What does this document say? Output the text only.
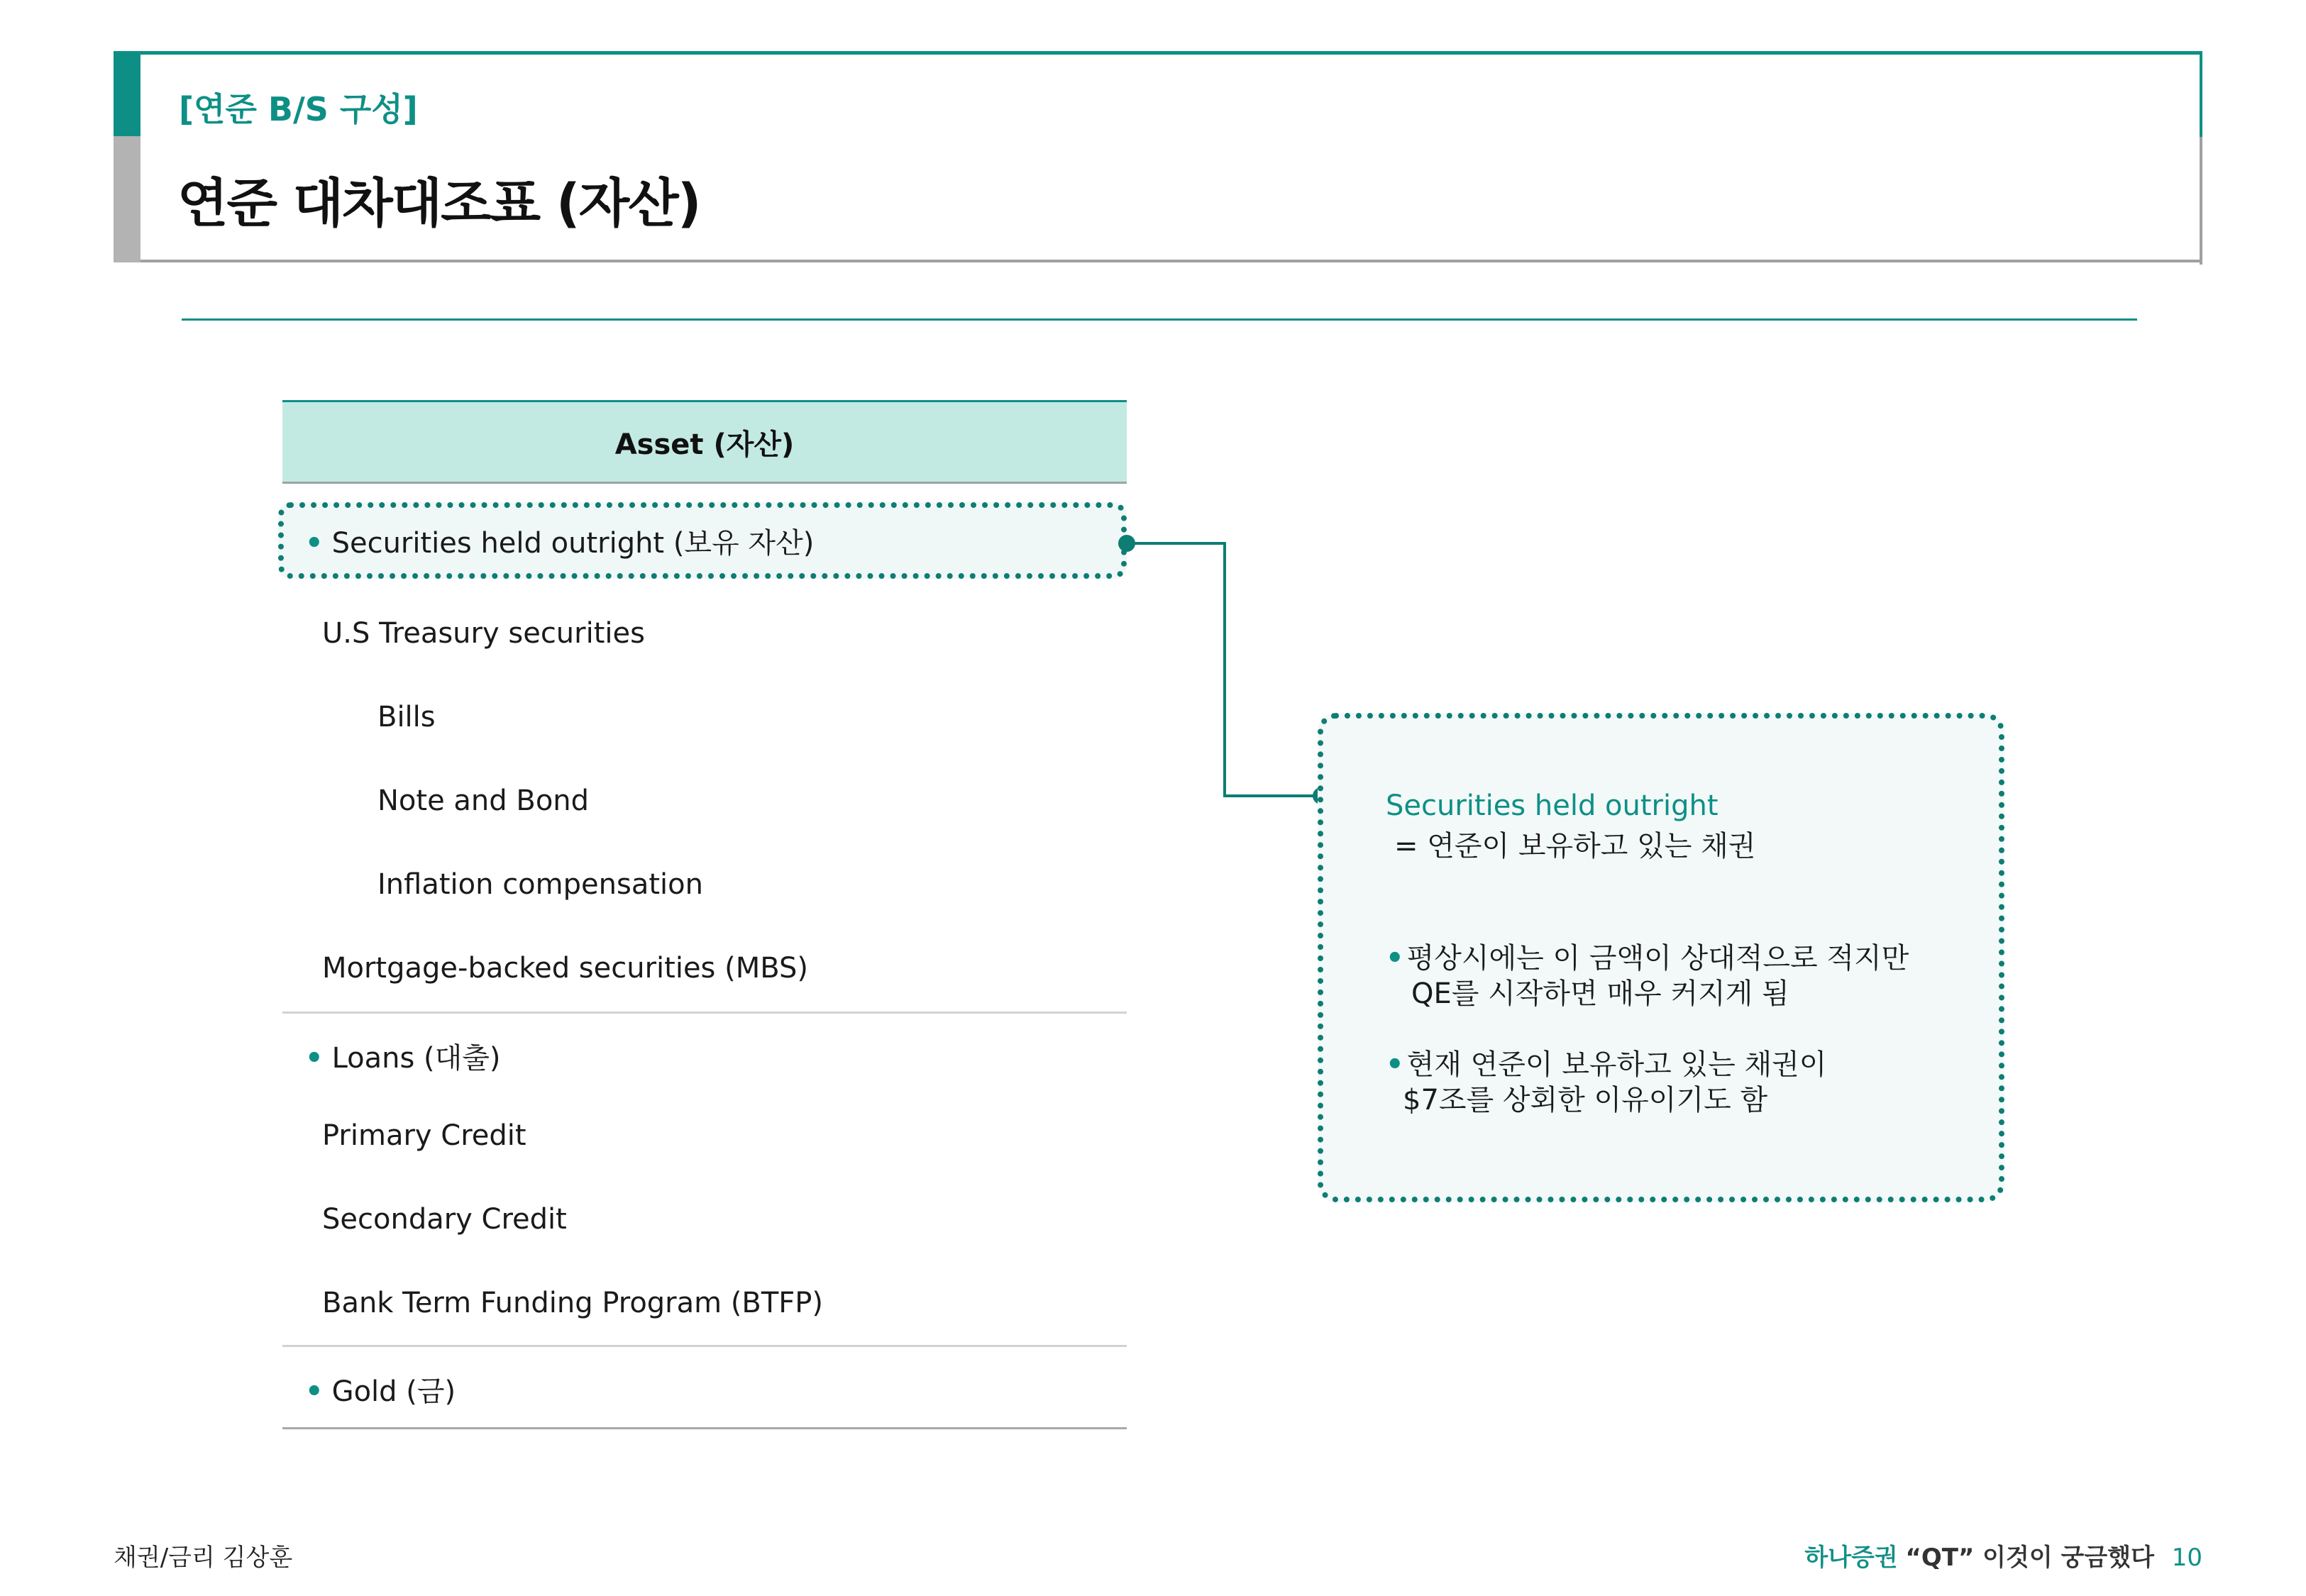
[연준 B/S 구성]
연준 대차대조표 (자산)
Asset (자산)
• Securities held outright (보유 자산)
U.S Treasury securities
Bills
Note and Bond
Inflation compensation
Mortgage-backed securities (MBS)
• Loans (대출)
Primary Credit
Secondary Credit
Bank Term Funding Program (BTFP)
• Gold (금)
Securities held outright
= 연준이 보유하고 있는 채권
• 평상시에는 이 금액이 상대적으로 적지만
QE를 시작하면 매우 커지게 됨
• 현재 연준이 보유하고 있는 채권이
$7조를 상회한 이유이기도 함
채권/금리 김상훈	하나증권 “QT” 이것이 궁금했다 10
